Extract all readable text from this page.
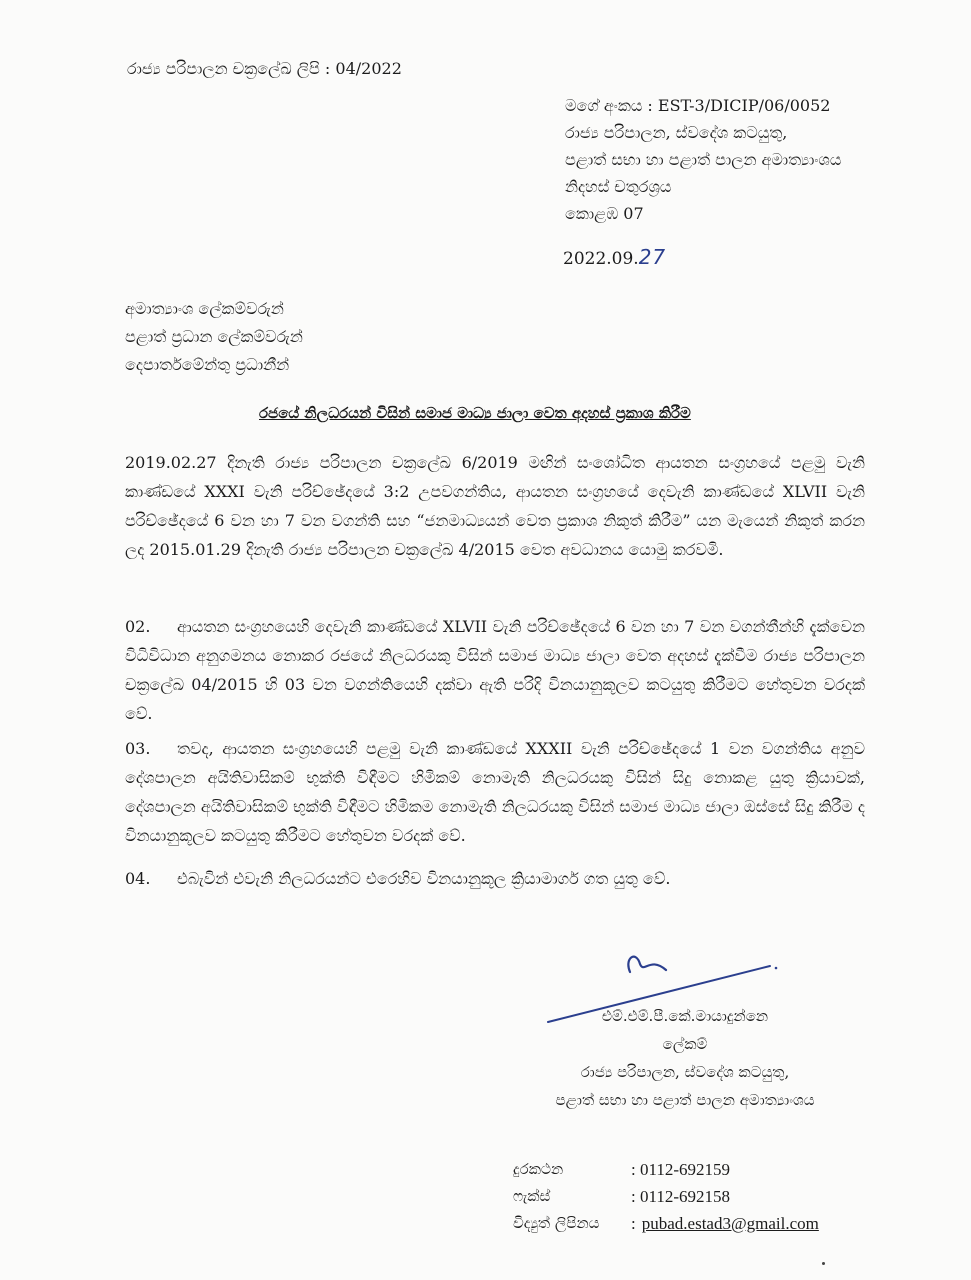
රාජ්‍ය පරිපාලන චක්‍රලේඛ ලිපි : 04/2022
මගේ අංකය : EST-3/DICIP/06/0052
රාජ්‍ය පරිපාලන, ස්වදේශ කටයුතු,
පළාත් සභා හා පළාත් පාලන අමාත්‍යාංශය
නිදහස් චතුරශ්‍රය
කොළඹ 07
2022.09.27
අමාත්‍යාංශ ලේකම්වරුන්
පළාත් ප්‍රධාන ලේකම්වරුන්
දෙපාර්තමේන්තු ප්‍රධානීන්
රජයේ නිලධරයන් විසින් සමාජ මාධ්‍ය ජාලා වෙත අදහස් ප්‍රකාශ කිරීම
2019.02.27 දිනැති රාජ්‍ය පරිපාලන චක්‍රලේඛ 6/2019 මඟින් සංශෝධිත ආයතන සංග්‍රහයේ පළමු වැනි කාණ්ඩයේ XXXI වැනි පරිච්ඡේදයේ 3:2 උපවගන්තිය, ආයතන සංග්‍රහයේ දෙවැනි කාණ්ඩයේ XLVII වැනි පරිච්ඡේදයේ 6 වන හා 7 වන වගන්ති සහ “ජනමාධ්‍යයන් වෙත ප්‍රකාශ නිකුත් කිරීම” යන මැයෙන් නිකුත් කරන ලද 2015.01.29 දිනැති රාජ්‍ය පරිපාලන චක්‍රලේඛ 4/2015 වෙත අවධානය යොමු කරවමි.
02. ආයතන සංග්‍රහයෙහි දෙවැනි කාණ්ඩයේ XLVII වැනි පරිච්ඡේදයේ 6 වන හා 7 වන වගන්තීන්හි දැක්වෙන විධිවිධාන අනුගමනය නොකර රජයේ නිලධරයකු විසින් සමාජ මාධ්‍ය ජාලා වෙත අදහස් දැක්වීම රාජ්‍ය පරිපාලන චක්‍රලේඛ 04/2015 හි 03 වන වගන්තියෙහි දක්වා ඇති පරිදි විනයානුකූලව කටයුතු කිරීමට හේතුවන වරදක් වේ.
03. තවද, ආයතන සංග්‍රහයෙහි පළමු වැනි කාණ්ඩයේ XXXII වැනි පරිච්ඡේදයේ 1 වන වගන්තිය අනුව දේශපාලන අයිතිවාසිකම් භුක්ති විඳීමට හිමිකම් නොමැති නිලධරයකු විසින් සිදු නොකළ යුතු ක්‍රියාවක්, දේශපාලන අයිතිවාසිකම් භුක්ති විඳීමට හිමිකම නොමැති නිලධරයකු විසින් සමාජ මාධ්‍ය ජාලා ඔස්සේ සිදු කිරීම ද විනයානුකූලව කටයුතු කිරීමට හේතුවන වරදක් වේ.
04. එබැවින් එවැනි නිලධරයන්ට එරෙහිව විනයානුකූල ක්‍රියාමාර්ග ගත යුතු වේ.
එම්.එම්.පී.කේ.මායාදුන්නෙ
ලේකම්
රාජ්‍ය පරිපාලන, ස්වදේශ කටයුතු,
පළාත් සභා හා පළාත් පාලන අමාත්‍යාංශය
දුරකථන	: 0112-692159
ෆැක්ස්	: 0112-692158
විද්‍යුත් ලිපිනය	: pubad.estad3@gmail.com
